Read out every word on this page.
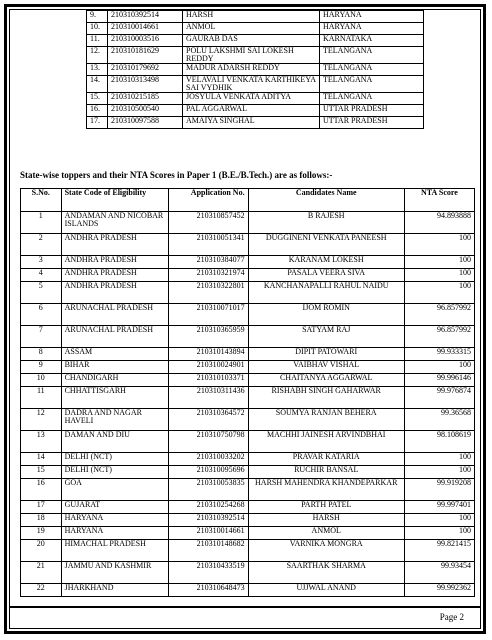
9.	210310392514	HARSH	HARYANA
10.	210310014661	ANMOL	HARYANA
11.	210310003516	GAURAB DAS	KARNATAKA
12.	210310181629	POLU LAKSHMI SAI LOKESH REDDY	TELANGANA
13.	210310179692	MADUR ADARSH REDDY	TELANGANA
14.	210310313498	VELAVALI VENKATA KARTHIKEYA SAI VYDHIK	TELANGANA
15.	210310215185	JOSYULA VENKATA ADITYA	TELANGANA
16.	210310500540	PAL AGGARWAL	UTTAR PRADESH
17.	210310097588	AMAIYA SINGHAL	UTTAR PRADESH
State-wise toppers and their NTA Scores in Paper 1 (B.E./B.Tech.) are as follows:-
S.No.	State Code of Eligibility	Application No.	Candidates Name	NTA Score
1	ANDAMAN AND NICOBAR ISLANDS	210310857452	B RAJESH	94.893888
2	ANDHRA PRADESH	210310051341	DUGGINENI VENKATA PANEESH	100
3	ANDHRA PRADESH	210310384077	KARANAM LOKESH	100
4	ANDHRA PRADESH	210310321974	PASALA VEERA SIVA	100
5	ANDHRA PRADESH	210310322801	KANCHANAPALLI RAHUL NAIDU	100
6	ARUNACHAL PRADESH	210310071017	IJOM ROMIN	96.857992
7	ARUNACHAL PRADESH	210310365959	SATYAM RAJ	96.857992
8	ASSAM	210310143894	DIPIT PATOWARI	99.933315
9	BIHAR	210310024901	VAIBHAV VISHAL	100
10	CHANDIGARH	210310103371	CHAITANYA AGGARWAL	99.996146
11	CHHATTISGARH	210310311436	RISHABH SINGH GAHARWAR	99.976874
12	DADRA AND NAGAR HAVELI	210310364572	SOUMYA RANJAN BEHERA	99.36568
13	DAMAN AND DIU	210310750798	MACHHI JAINESH ARVINDBHAI	98.108619
14	DELHI (NCT)	210310033202	PRAVAR KATARIA	100
15	DELHI (NCT)	210310095696	RUCHIR BANSAL	100
16	GOA	210310053835	HARSH MAHENDRA KHANDEPARKAR	99.919208
17	GUJARAT	210310254268	PARTH PATEL	99.997401
18	HARYANA	210310392514	HARSH	100
19	HARYANA	210310014661	ANMOL	100
20	HIMACHAL PRADESH	210310148682	VARNIKA MONGRA	99.821415
21	JAMMU AND KASHMIR	210310433519	SAARTHAK SHARMA	99.93454
22	JHARKHAND	210310648473	UJJWAL ANAND	99.992362
Page 2
